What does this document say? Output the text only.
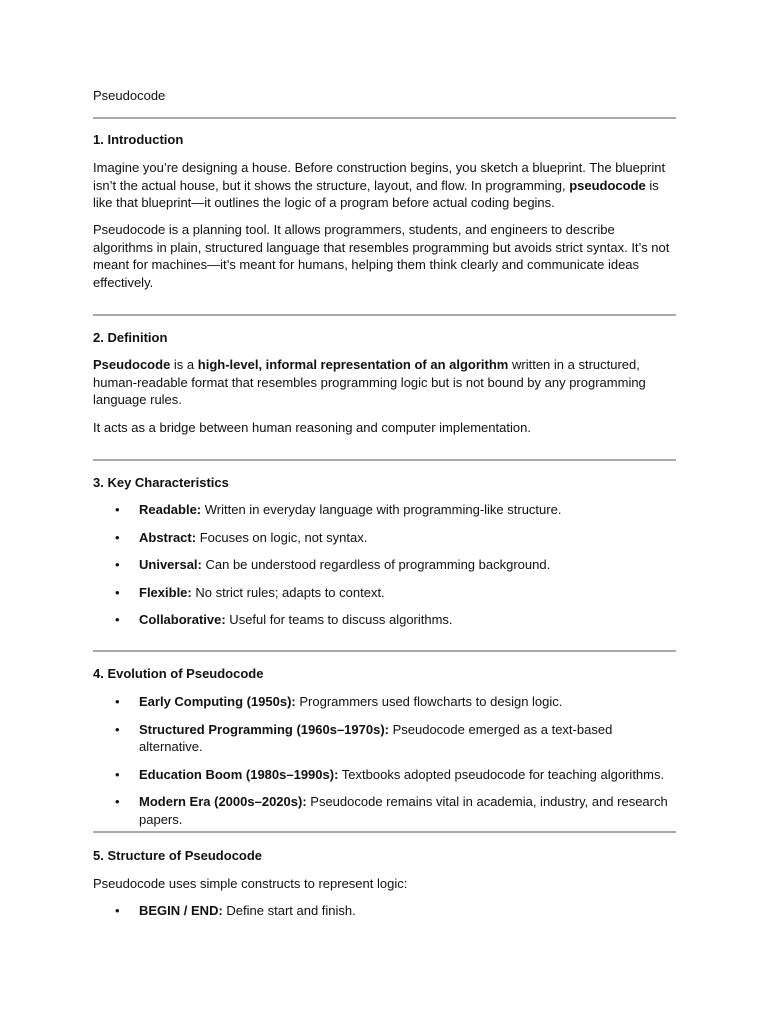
Pseudocode
1. Introduction

Imagine you’re designing a house. Before construction begins, you sketch a blueprint. The blueprint isn’t the actual house, but it shows the structure, layout, and flow. In programming, pseudocode is like that blueprint—it outlines the logic of a program before actual coding begins.

Pseudocode is a planning tool. It allows programmers, students, and engineers to describe algorithms in plain, structured language that resembles programming but avoids strict syntax. It’s not meant for machines—it’s meant for humans, helping them think clearly and communicate ideas effectively.

2. Definition

Pseudocode is a high-level, informal representation of an algorithm written in a structured, human-readable format that resembles programming logic but is not bound by any programming language rules.

It acts as a bridge between human reasoning and computer implementation.

3. Key Characteristics
• Readable: Written in everyday language with programming-like structure.
• Abstract: Focuses on logic, not syntax.
• Universal: Can be understood regardless of programming background.
• Flexible: No strict rules; adapts to context.
• Collaborative: Useful for teams to discuss algorithms.
4. Evolution of Pseudocode
• Early Computing (1950s): Programmers used flowcharts to design logic.
• Structured Programming (1960s–1970s): Pseudocode emerged as a text-based alternative.
• Education Boom (1980s–1990s): Textbooks adopted pseudocode for teaching algorithms.
• Modern Era (2000s–2020s): Pseudocode remains vital in academia, industry, and research papers.
5. Structure of Pseudocode

Pseudocode uses simple constructs to represent logic:

• BEGIN / END: Define start and finish.
